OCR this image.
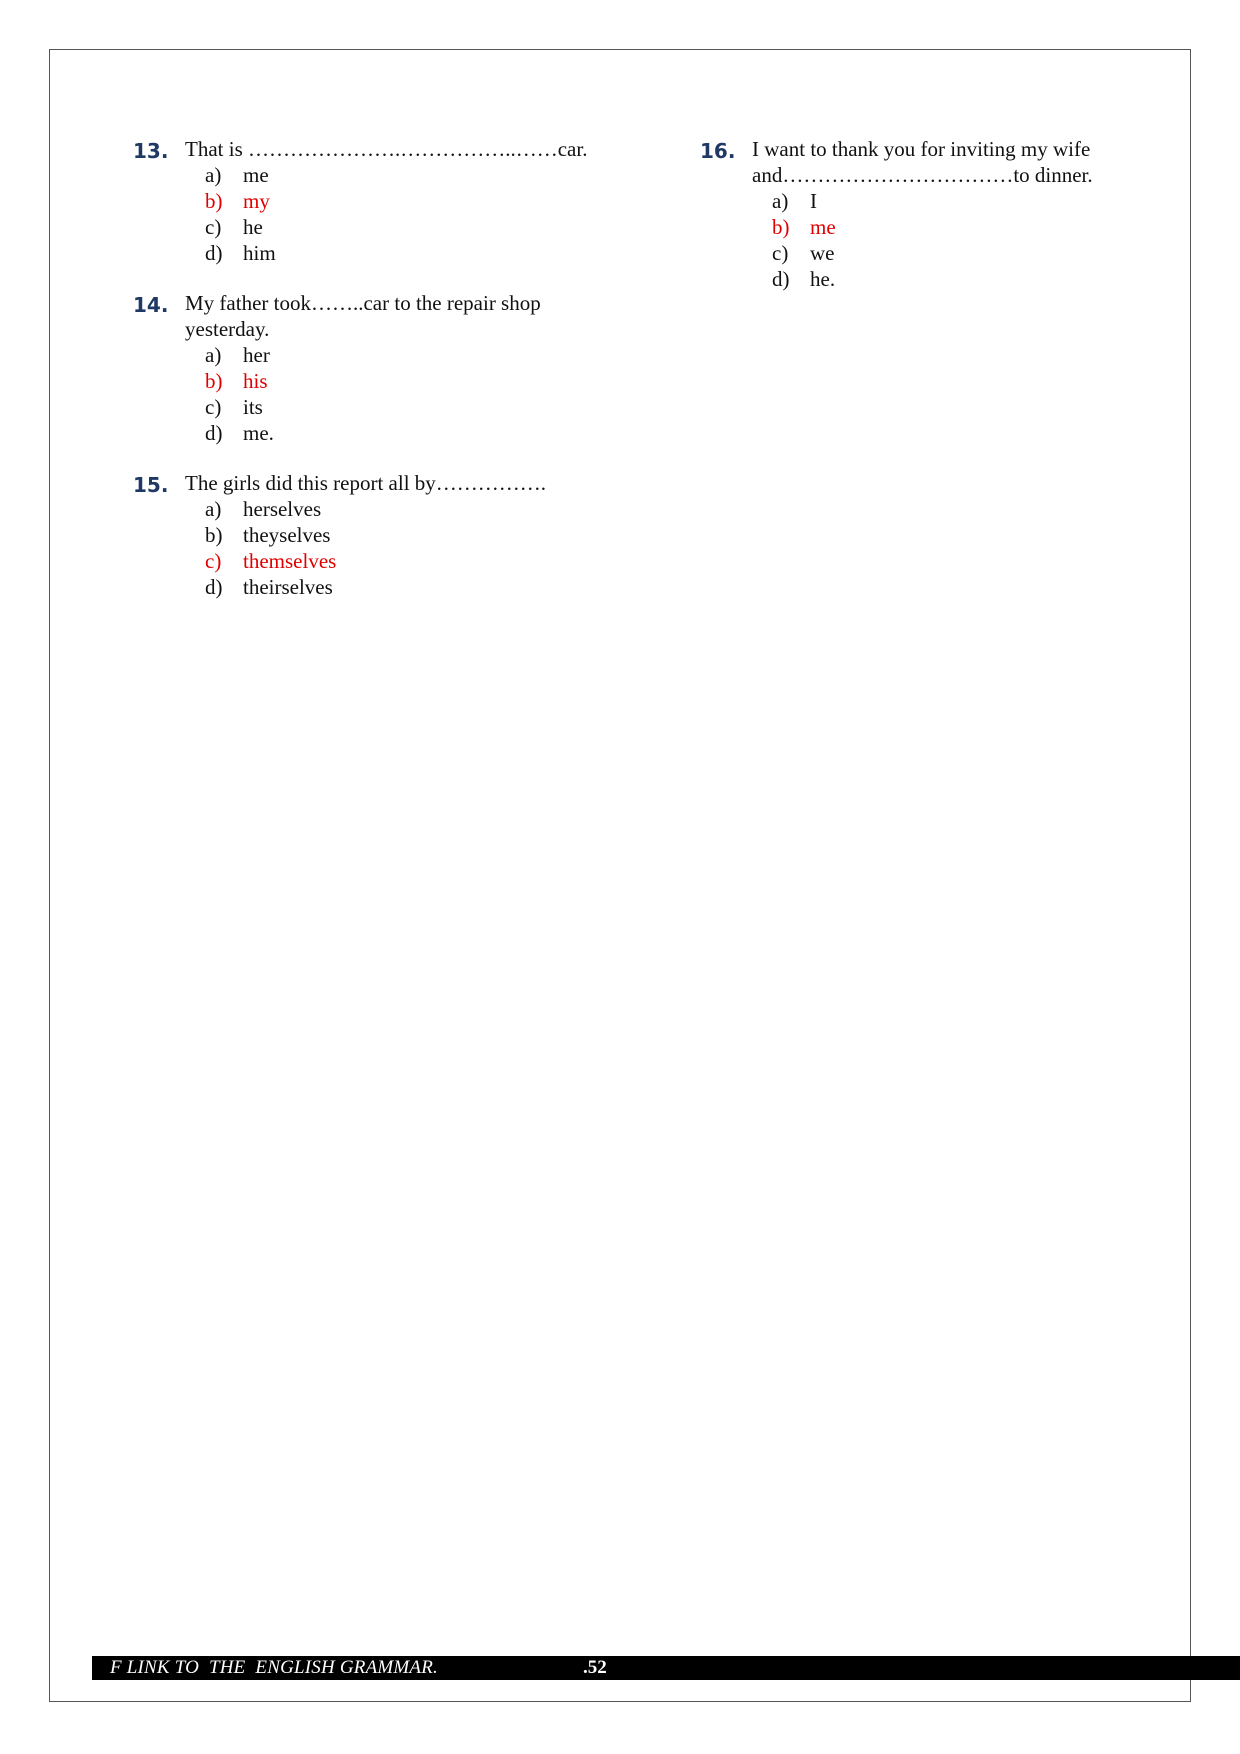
13. That is ………………….……………..……car.
a)	me
b) my
c)	he
d) him
14. My father took……..car to the repair shop yesterday.
a)	her
b) his
c)	its
d) me.
15. The girls did this report all by…………….
a)	herselves
b) theyselves
c)	themselves
d) theirselves
16. I want to thank you for inviting my wife and……………………………to dinner.
a)	I
b) me
c)	we
d) he.
F LINK TO  THE  ENGLISH GRAMMAR.	.52
